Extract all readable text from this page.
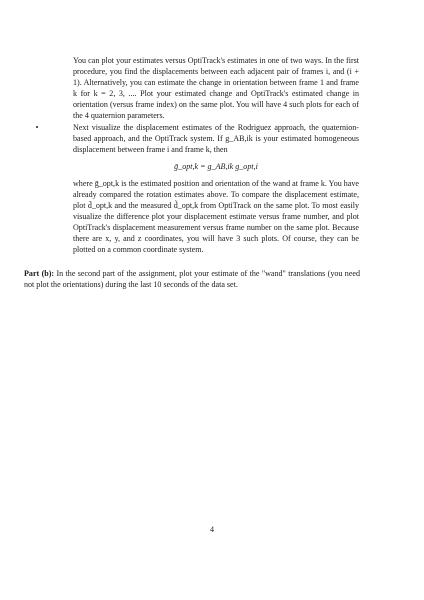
You can plot your estimates versus OptiTrack's estimates in one of two ways. In the first procedure, you find the displacements between each adjacent pair of frames i, and (i + 1). Alternatively, you can estimate the change in orientation between frame 1 and frame k for k = 2, 3, .... Plot your estimated change and OptiTrack's estimated change in orientation (versus frame index) on the same plot. You will have 4 such plots for each of the 4 quaternion parameters.

•	Next visualize the displacement estimates of the Rodriguez approach, the quaternion-based approach, and the OptiTrack system. If g_AB,ik is your estimated homogeneous displacement between frame i and frame k, then
ḡ_opt,k = g_AB,ik g_opt,i

where ḡ_opt,k is the estimated position and orientation of the wand at frame k. You have already compared the rotation estimates above. To compare the displacement estimate, plot d̄_opt,k and the measured d̃_opt,k from OptiTrack on the same plot. To most easily visualize the difference plot your displacement estimate versus frame number, and plot OptiTrack's displacement measurement versus frame number on the same plot. Because there are x, y, and z coordinates, you will have 3 such plots. Of course, they can be plotted on a common coordinate system.

Part (b): In the second part of the assignment, plot your estimate of the "wand" translations (you need not plot the orientations) during the last 10 seconds of the data set.

4
